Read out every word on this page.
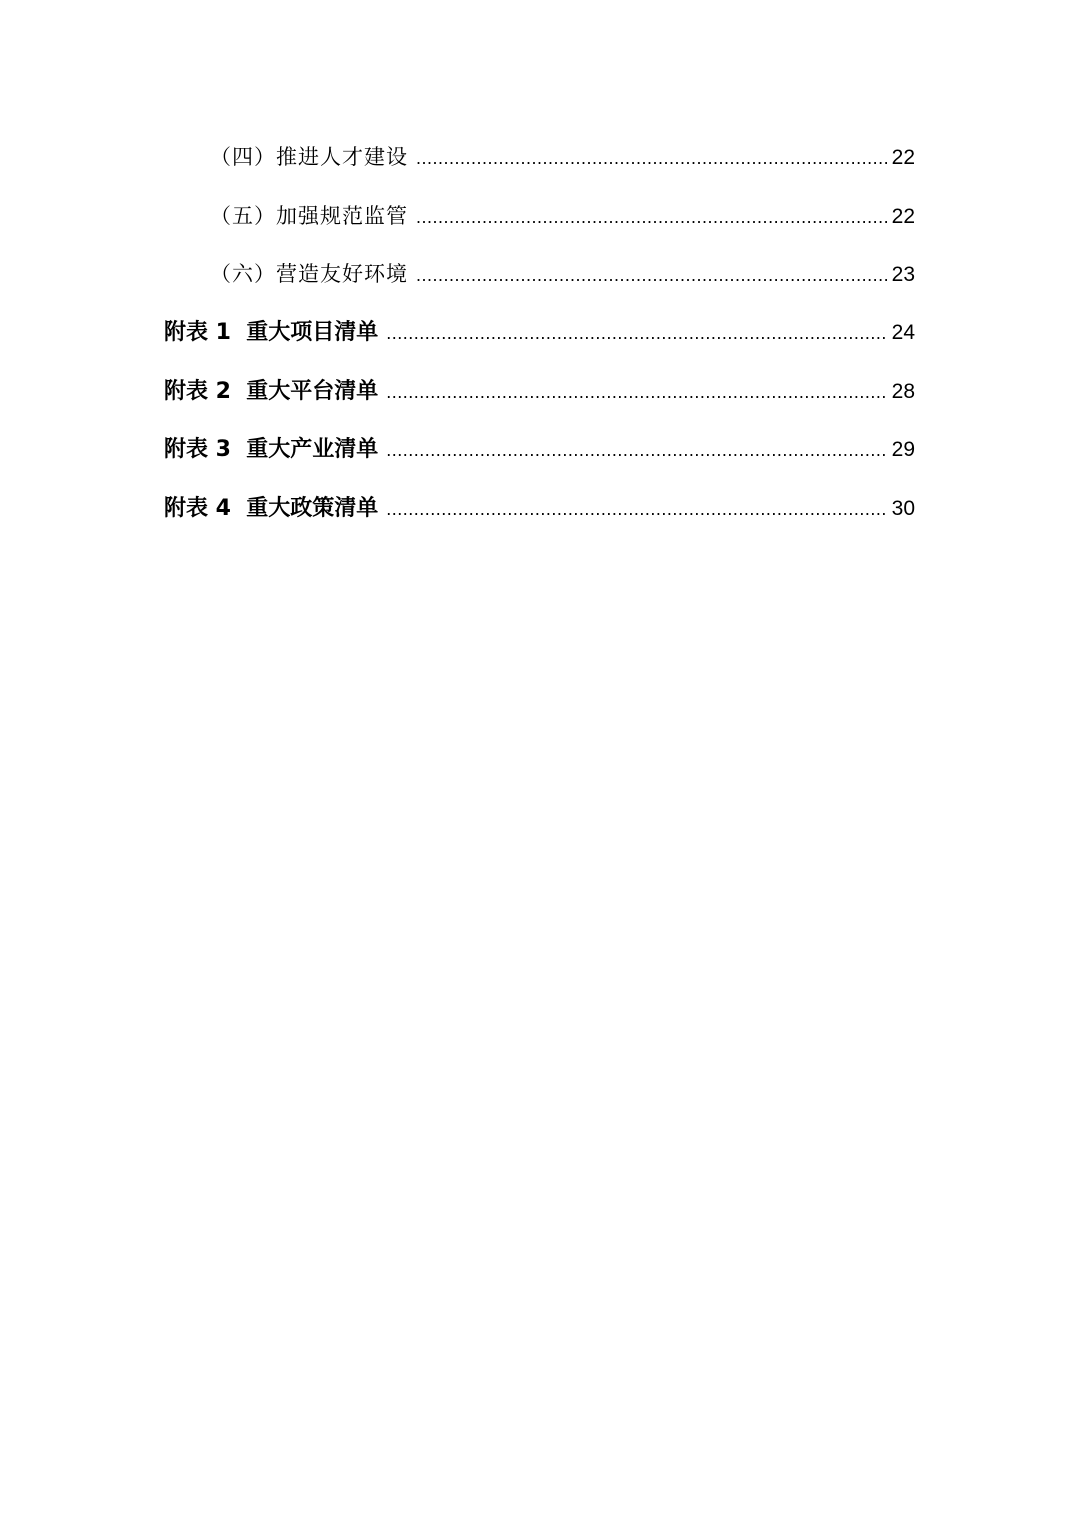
（四）推进人才建设 .....	22
（五）加强规范监管 .....	22
（六）营造友好环境 .....	23
附表 1  重大项目清单 .....	24
附表 2  重大平台清单 .....	28
附表 3  重大产业清单 .....	29
附表 4  重大政策清单 .....	30
